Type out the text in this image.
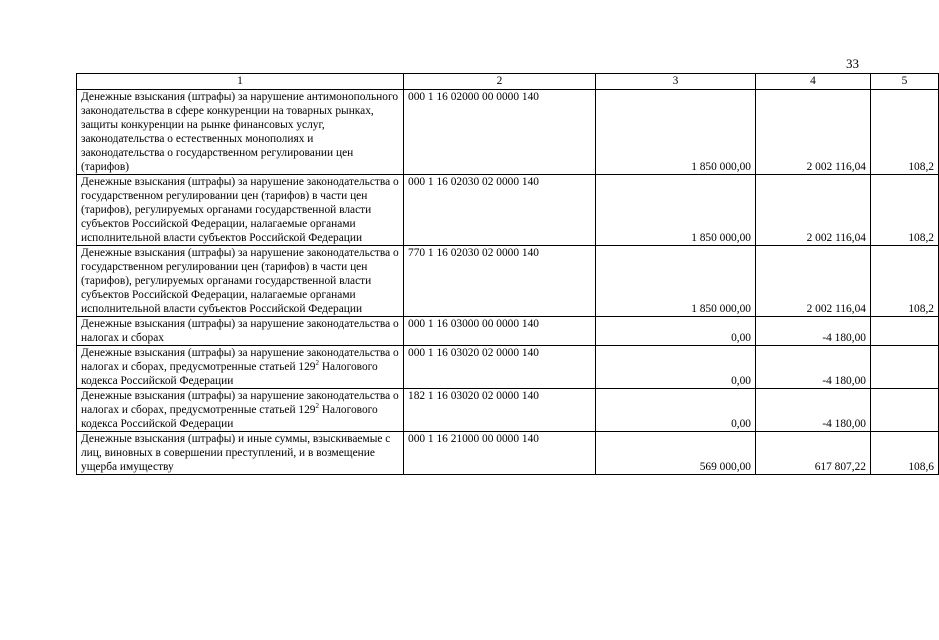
33
1	2	3	4	5
Денежные взыскания (штрафы) за нарушение антимонопольного законодательства в сфере конкуренции на товарных рынках, защиты конкуренции на рынке финансовых услуг, законодательства о естественных монополиях и законодательства о государственном регулировании цен (тарифов)	000 1 16 02000 00 0000 140	1 850 000,00	2 002 116,04	108,2
Денежные взыскания (штрафы) за нарушение законодательства о государственном регулировании цен (тарифов) в части цен (тарифов), регулируемых органами государственной власти субъектов Российской Федерации, налагаемые органами исполнительной власти субъектов Российской Федерации	000 1 16 02030 02 0000 140	1 850 000,00	2 002 116,04	108,2
Денежные взыскания (штрафы) за нарушение законодательства о государственном регулировании цен (тарифов) в части цен (тарифов), регулируемых органами государственной власти субъектов Российской Федерации, налагаемые органами исполнительной власти субъектов Российской Федерации	770 1 16 02030 02 0000 140	1 850 000,00	2 002 116,04	108,2
Денежные взыскания (штрафы) за нарушение законодательства о налогах и сборах	000 1 16 03000 00 0000 140	0,00	-4 180,00	
Денежные взыскания (штрафы) за нарушение законодательства о налогах и сборах, предусмотренные статьей $129^2$ Налогового кодекса Российской Федерации	000 1 16 03020 02 0000 140	0,00	-4 180,00	
Денежные взыскания (штрафы) за нарушение законодательства о налогах и сборах, предусмотренные статьей $129^2$ Налогового кодекса Российской Федерации	182 1 16 03020 02 0000 140	0,00	-4 180,00	
Денежные взыскания (штрафы) и иные суммы, взыскиваемые с лиц, виновных в совершении преступлений, и в возмещение ущерба имуществу	000 1 16 21000 00 0000 140	569 000,00	617 807,22	108,6
